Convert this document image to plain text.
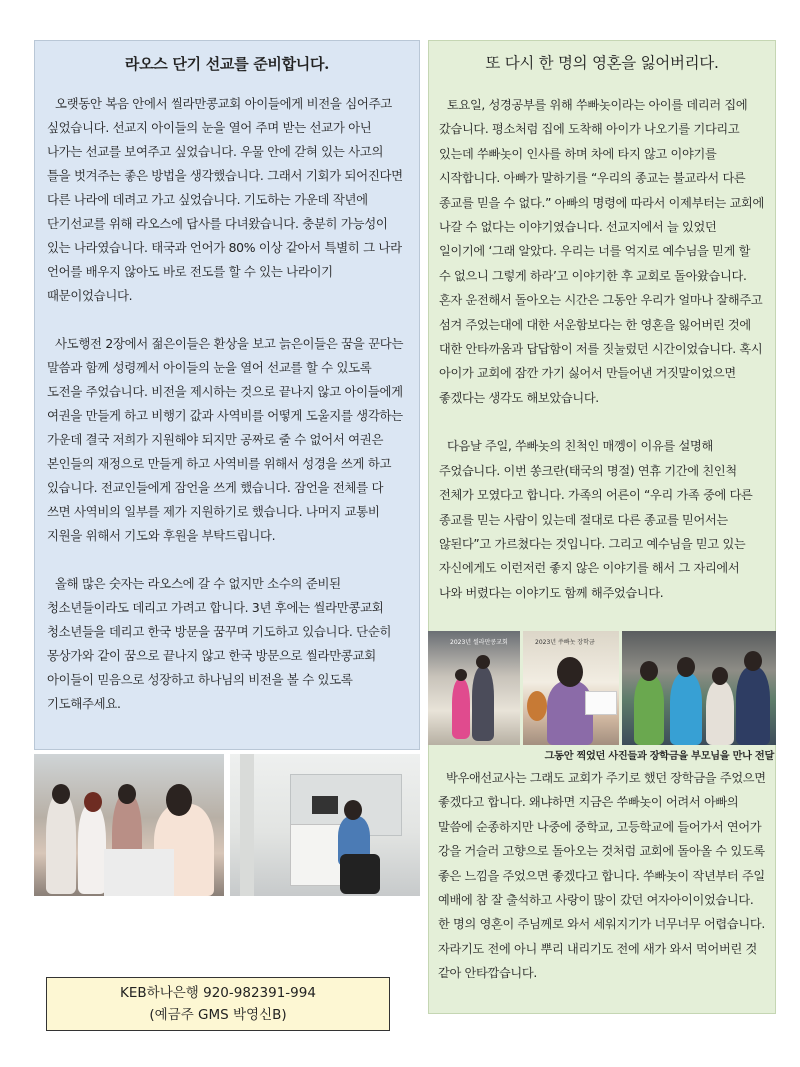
라오스 단기 선교를 준비합니다.

오랫동안 복음 안에서 씰라만콩교회 아이들에게 비전을 심어주고 싶었습니다. 선교지 아이들의 눈을 열어 주며 받는 선교가 아닌 나가는 선교를 보여주고 싶었습니다. 우물 안에 갇혀 있는 사고의 틀을 벗겨주는 좋은 방법을 생각했습니다. 그래서 기회가 되어진다면 다른 나라에 데려고 가고 싶었습니다. 기도하는 가운데 작년에 단기선교를 위해 라오스에 답사를 다녀왔습니다. 충분히 가능성이 있는 나라였습니다. 태국과 언어가 80% 이상 같아서 특별히 그 나라 언어를 배우지 않아도 바로 전도를 할 수 있는 나라이기 때문이었습니다.

사도행전 2장에서 젊은이들은 환상을 보고 늙은이들은 꿈을 꾼다는 말씀과 함께 성령께서 아이들의 눈을 열어 선교를 할 수 있도록 도전을 주었습니다. 비전을 제시하는 것으로 끝나지 않고 아이들에게 여권을 만들게 하고 비행기 값과 사역비를 어떻게 도울지를 생각하는 가운데 결국 저희가 지원해야 되지만 공짜로 줄 수 없어서 여권은 본인들의 재정으로 만들게 하고 사역비를 위해서 성경을 쓰게 하고 있습니다. 전교인들에게 잠언을 쓰게 했습니다. 잠언을 전체를 다 쓰면 사역비의 일부를 제가 지원하기로 했습니다. 나머지 교통비 지원을 위해서 기도와 후원을 부탁드립니다.

올해 많은 숫자는 라오스에 갈 수 없지만 소수의 준비된 청소년들이라도 데리고 가려고 합니다. 3년 후에는 씰라만콩교회 청소년들을 데리고 한국 방문을 꿈꾸며 기도하고 있습니다. 단순히 몽상가와 같이 꿈으로 끝나지 않고 한국 방문으로 씰라만콩교회 아이들이 믿음으로 성장하고 하나님의 비전을 볼 수 있도록 기도해주세요.

또 다시 한 명의 영혼을 잃어버리다.

토요일, 성경공부를 위해 쑤빠놋이라는 아이를 데리러 집에 갔습니다. 평소처럼 집에 도착해 아이가 나오기를 기다리고 있는데 쑤빠놋이 인사를 하며 차에 타지 않고 이야기를 시작합니다. 아빠가 말하기를 “우리의 종교는 불교라서 다른 종교를 믿을 수 없다.” 아빠의 명령에 따라서 이제부터는 교회에 나갈 수 없다는 이야기였습니다. 선교지에서 늘 있었던 일이기에 ‘그래 알았다. 우리는 너를 억지로 예수님을 믿게 할 수 없으니 그렇게 하라’고 이야기한 후 교회로 돌아왔습니다. 혼자 운전해서 돌아오는 시간은 그동안 우리가 얼마나 잘해주고 섬겨 주었는대에 대한 서운함보다는 한 영혼을 잃어버린 것에 대한 안타까움과 답답함이 저를 짓눌렀던 시간이었습니다. 혹시 아이가 교회에 잠깐 가기 싫어서 만들어낸 거짓말이었으면 좋겠다는 생각도 해보았습니다.

다음날 주일, 쑤빠놋의 친척인 매껭이 이유를 설명해 주었습니다. 이번 쏭크란(태국의 명절) 연휴 기간에 친인척 전체가 모였다고 합니다. 가족의 어른이 “우리 가족 중에 다른 종교를 믿는 사람이 있는데 절대로 다른 종교를 믿어서는 않된다”고 가르쳤다는 것입니다. 그리고 예수님을 믿고 있는 자신에게도 이런저런 좋지 않은 이야기를 해서 그 자리에서 나와 버렸다는 이야기도 함께 해주었습니다.

2023년 씰라만콩교회	2023년 쑤빠놋 장학금
그동안 찍었던 사진들과 장학금을 부모님을 만나 전달

박우애선교사는 그래도 교회가 주기로 했던 장학금을 주었으면 좋겠다고 합니다. 왜냐하면 지금은 쑤빠놋이 어려서 아빠의 말씀에 순종하지만 나중에 중학교, 고등학교에 들어가서 연어가 강을 거슬러 고향으로 돌아오는 것처럼 교회에 돌아올 수 있도록 좋은 느낌을 주었으면 좋겠다고 합니다. 쑤빠놋이 작년부터 주일 예배에 참 잘 출석하고 사랑이 많이 갔던 여자아이이었습니다. 한 명의 영혼이 주님께로 와서 세워지기가 너무너무 어렵습니다. 자라기도 전에 아니 뿌리 내리기도 전에 새가 와서 먹어버린 것 같아 안타깝습니다.

KEB하나은행 920-982391-994
(예금주 GMS 박영신B)
